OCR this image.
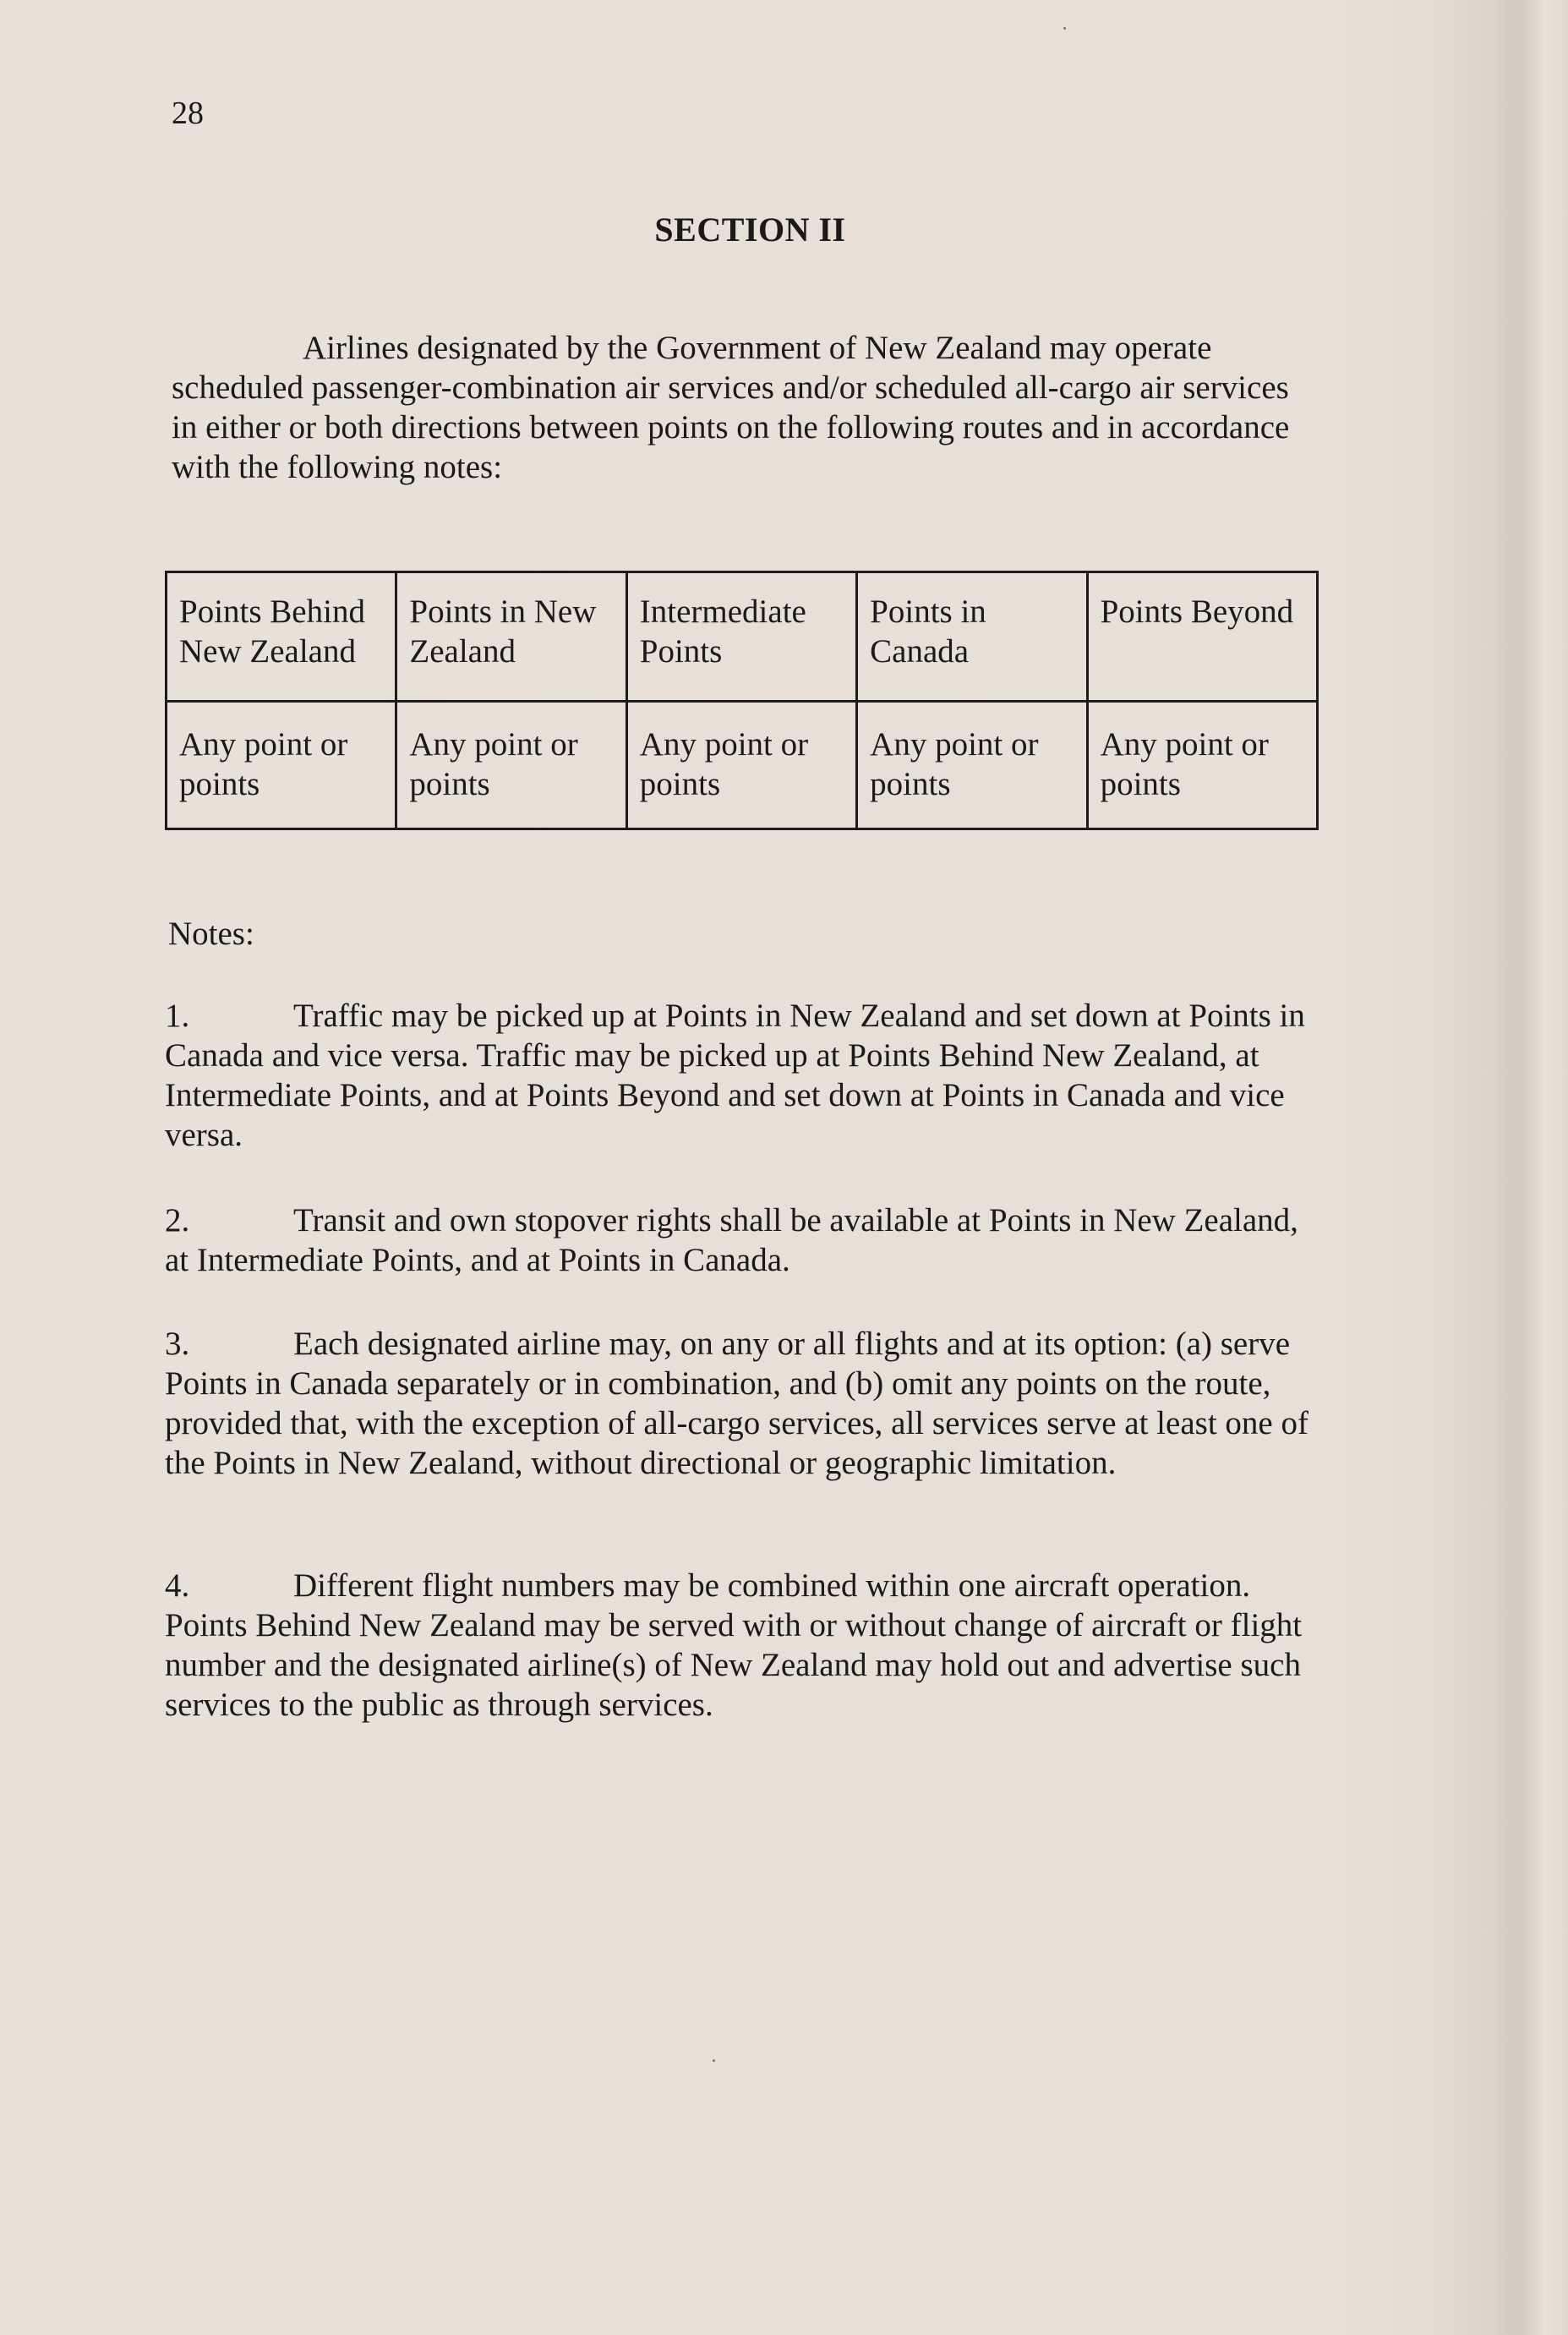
28
SECTION II

Airlines designated by the Government of New Zealand may operate scheduled passenger-combination air services and/or scheduled all-cargo air services in either or both directions between points on the following routes and in accordance with the following notes:

Points Behind New Zealand	Points in New Zealand	Intermediate Points	Points in Canada	Points Beyond
Any point or points	Any point or points	Any point or points	Any point or points	Any point or points
Notes:

1.	Traffic may be picked up at Points in New Zealand and set down at Points in Canada and vice versa. Traffic may be picked up at Points Behind New Zealand, at Intermediate Points, and at Points Beyond and set down at Points in Canada and vice versa.

2.	Transit and own stopover rights shall be available at Points in New Zealand, at Intermediate Points, and at Points in Canada.

3.	Each designated airline may, on any or all flights and at its option: (a) serve Points in Canada separately or in combination, and (b) omit any points on the route, provided that, with the exception of all-cargo services, all services serve at least one of the Points in New Zealand, without directional or geographic limitation.

4.	Different flight numbers may be combined within one aircraft operation. Points Behind New Zealand may be served with or without change of aircraft or flight number and the designated airline(s) of New Zealand may hold out and advertise such services to the public as through services.
